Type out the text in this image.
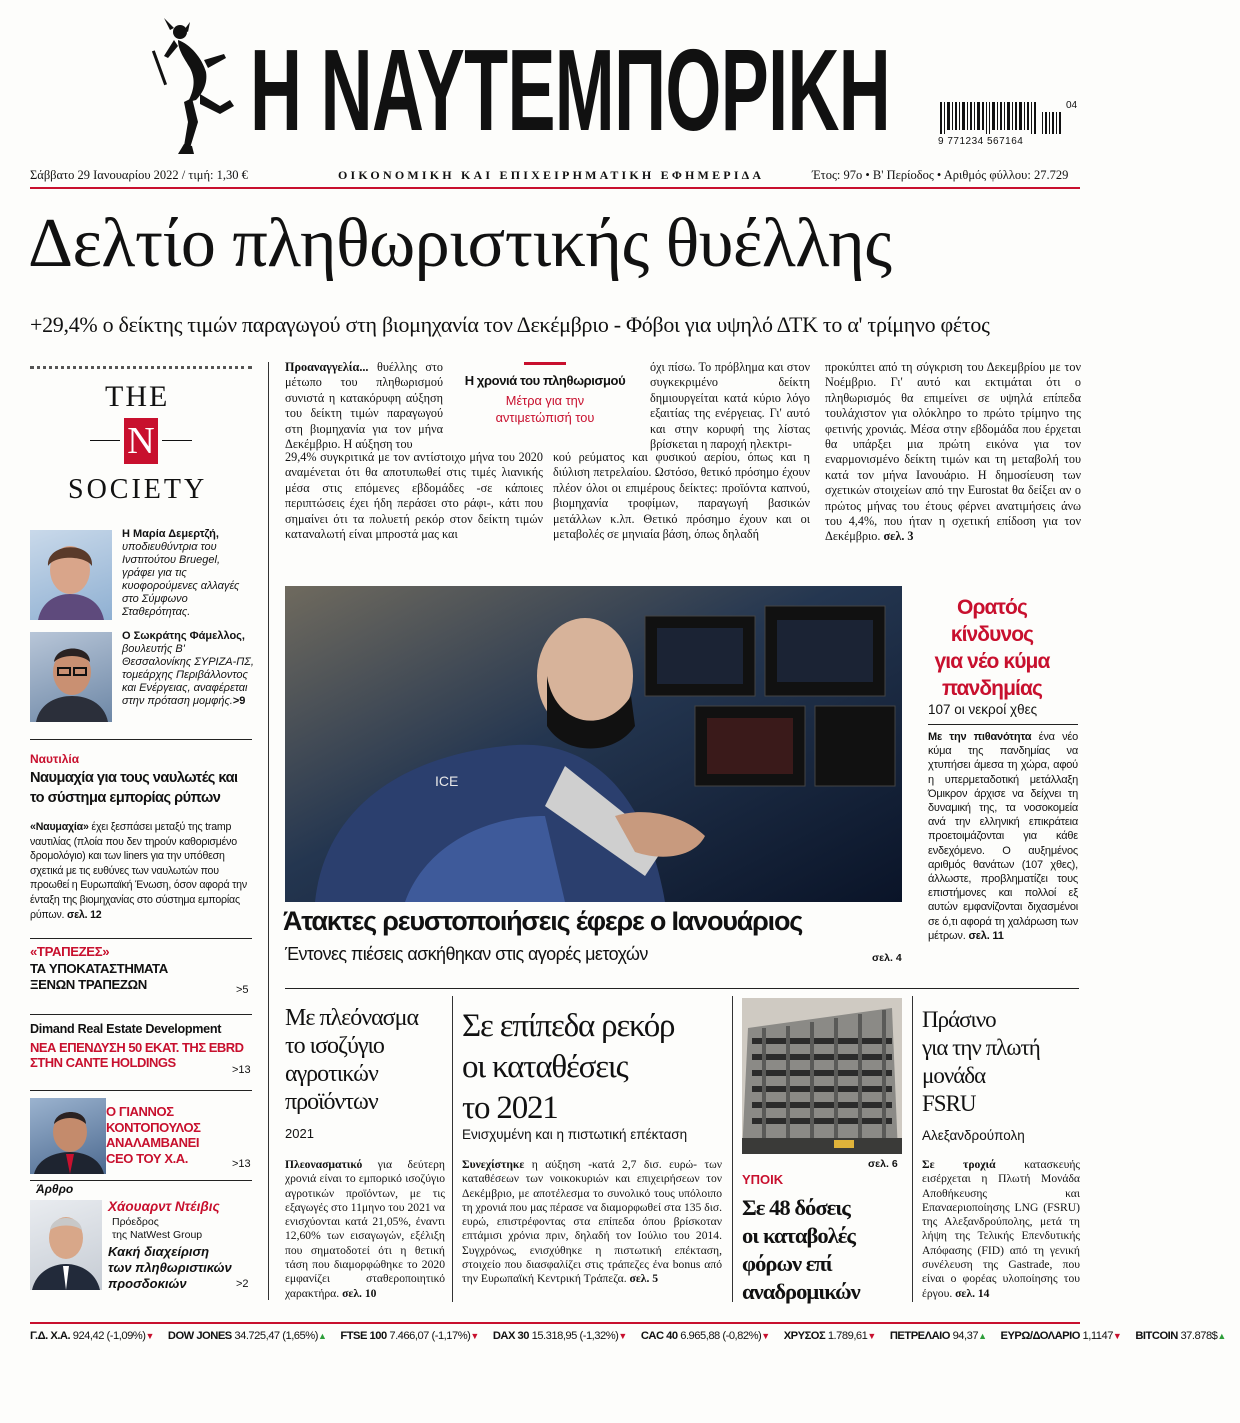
Η ΝΑΥΤΕΜΠΟΡΙΚΗ	9 771234 567164
04
Σάββατο 29 Ιανουαρίου 2022 / τιμή: 1,30 €	ΟΙΚΟΝΟΜΙΚΗ ΚΑΙ ΕΠΙΧΕΙΡΗΜΑΤΙΚΗ ΕΦΗΜΕΡΙΔΑ	Έτος: 97ο • Β' Περίοδος • Αριθμός φύλλου: 27.729
Δελτίο πληθωριστικής θυέλλης
+29,4% ο δείκτης τιμών παραγωγού στη βιομηχανία τον Δεκέμβριο - Φόβοι για υψηλό ΔΤΚ το α' τρίμηνο φέτος
THE
N
SOCIETY
Η Μαρία Δεμερτζή,
υποδιευθύντρια του Ινστιτούτου Bruegel, γράφει για τις κυοφορούμενες αλλαγές στο Σύμφωνο Σταθερότητας.
Ο Σωκράτης Φάμελλος,
βουλευτής Β' Θεσσαλονίκης ΣΥΡΙΖΑ-ΠΣ, τομεάρχης Περιβάλλοντος και Ενέργειας, αναφέρεται στην πρόταση μομφής.>9
Ναυτιλία
Ναυμαχία για τους ναυλωτές και το σύστημα εμπορίας ρύπων

«Ναυμαχία» έχει ξεσπάσει μεταξύ της tramp ναυτιλίας (πλοία που δεν τηρούν καθορισμένο δρομολόγιο) και των liners για την υπόθεση σχετικά με τις ευθύνες των ναυλωτών που προωθεί η Ευρωπαϊκή Ένωση, όσον αφορά την ένταξη της βιομηχανίας στο σύστημα εμπορίας ρύπων. σελ. 12

«ΤΡΑΠΕΖΕΣ»
ΤΑ ΥΠΟΚΑΤΑΣΤΗΜΑΤΑ
ΞΕΝΩΝ ΤΡΑΠΕΖΩΝ	>5
Dimand Real Estate Development
ΝΕΑ ΕΠΕΝΔΥΣΗ 50 ΕΚΑΤ. ΤΗΣ EBRD
ΣΤΗΝ CANTE HOLDINGS	>13
Ο ΓΙΑΝΝΟΣ
ΚΟΝΤΟΠΟΥΛΟΣ
ΑΝΑΛΑΜΒΑΝΕΙ
CEO ΤΟΥ Χ.Α.	>13
Άρθρο
Χάουαρντ Ντέιβις
Πρόεδρος
της NatWest Group
Κακή διαχείριση
των πληθωριστικών
προσδοκιών	>2

Προαναγγελία... θυέλλης στο μέτωπο του πληθωρισμού συνιστά η κατακόρυφη αύξηση του δείκτη τιμών παραγωγού στη βιομηχανία για τον μήνα Δεκέμβριο. Η αύξηση του

29,4% συγκριτικά με τον αντίστοιχο μήνα του 2020 αναμένεται ότι θα αποτυπωθεί στις τιμές λιανικής μέσα στις επόμενες εβδομάδες -σε κάποιες περιπτώσεις έχει ήδη περάσει στο ράφι-, κάτι που σημαίνει ότι τα πολυετή ρεκόρ στον δείκτη τιμών καταναλωτή είναι μπροστά μας και

Η χρονιά του πληθωρισμού
Μέτρα για την αντιμετώπισή του

όχι πίσω. Το πρόβλημα και στον συγκεκριμένο δείκτη δημιουργείται κατά κύριο λόγο εξαιτίας της ενέργειας. Γι' αυτό και στην κορυφή της λίστας βρίσκεται η παροχή ηλεκτρι-

κού ρεύματος και φυσικού αερίου, όπως και η διύλιση πετρελαίου. Ωστόσο, θετικό πρόσημο έχουν πλέον όλοι οι επιμέρους δείκτες: προϊόντα καπνού, βιομηχανία τροφίμων, παραγωγή βασικών μετάλλων κ.λπ. Θετικό πρόσημο έχουν και οι μεταβολές σε μηνιαία βάση, όπως δηλαδή

προκύπτει από τη σύγκριση του Δεκεμβρίου με τον Νοέμβριο. Γι' αυτό και εκτιμάται ότι ο πληθωρισμός θα επιμείνει σε υψηλά επίπεδα τουλάχιστον για ολόκληρο το πρώτο τρίμηνο της φετινής χρονιάς. Μέσα στην εβδομάδα που έρχεται θα υπάρξει μια πρώτη εικόνα για τον εναρμονισμένο δείκτη τιμών και τη μεταβολή του κατά τον μήνα Ιανουάριο. Η δημοσίευση των σχετικών στοιχείων από την Eurostat θα δείξει αν ο πρώτος μήνας του έτους φέρνει ανατιμήσεις άνω του 4,4%, που ήταν η σχετική επίδοση για τον Δεκέμβριο. σελ. 3

ICE
Άτακτες ρευστοποιήσεις έφερε ο Ιανουάριος
Έντονες πιέσεις ασκήθηκαν στις αγορές μετοχών	σελ. 4
Ορατός
κίνδυνος
για νέο κύμα
πανδημίας
107 οι νεκροί χθες

Με την πιθανότητα ένα νέο κύμα της πανδημίας να χτυπήσει άμεσα τη χώρα, αφού η υπερμεταδοτική μετάλλαξη Όμικρον άρχισε να δείχνει τη δυναμική της, τα νοσοκομεία ανά την ελληνική επικράτεια προετοιμάζονται για κάθε ενδεχόμενο. Ο αυξημένος αριθμός θανάτων (107 χθες), άλλωστε, προβληματίζει τους επιστήμονες και πολλοί εξ αυτών εμφανίζονται διχασμένοι σε ό,τι αφορά τη χαλάρωση των μέτρων. σελ. 11

Με πλεόνασμα
το ισοζύγιο
αγροτικών
προϊόντων
2021

Πλεονασματικό για δεύτερη χρονιά είναι το εμπορικό ισοζύγιο αγροτικών προϊόντων, με τις εξαγωγές στο 11μηνο του 2021 να ενισχύονται κατά 21,05%, έναντι 12,60% των εισαγωγών, εξέλιξη που σηματοδοτεί ότι η θετική τάση που διαμορφώθηκε το 2020 εμφανίζει σταθεροποιητικό χαρακτήρα. σελ. 10

Σε επίπεδα ρεκόρ
οι καταθέσεις
το 2021
Ενισχυμένη και η πιστωτική επέκταση

Συνεχίστηκε η αύξηση -κατά 2,7 δισ. ευρώ- των καταθέσεων των νοικοκυριών και επιχειρήσεων τον Δεκέμβριο, με αποτέλεσμα το συνολικό τους υπόλοιπο τη χρονιά που μας πέρασε να διαμορφωθεί στα 135 δισ. ευρώ, επιστρέφοντας στα επίπεδα όπου βρίσκοταν επτάμισι χρόνια πριν, δηλαδή τον Ιούλιο του 2014. Συγχρόνως, ενισχύθηκε η πιστωτική επέκταση, στοιχείο που διασφαλίζει στις τράπεζες ένα bonus από την Ευρωπαϊκή Κεντρική Τράπεζα. σελ. 5

σελ. 6
ΥΠΟΙΚ
Σε 48 δόσεις
οι καταβολές
φόρων επί
αναδρομικών
Πράσινο
για την πλωτή
μονάδα
FSRU
Αλεξανδρούπολη

Σε τροχιά κατασκευής εισέρχεται η Πλωτή Μονάδα Αποθήκευσης και Επαναεριοποίησης LNG (FSRU) της Αλεξανδρούπολης, μετά τη λήψη της Τελικής Επενδυτικής Απόφασης (FID) από τη γενική συνέλευση της Gastrade, που είναι ο φορέας υλοποίησης του έργου. σελ. 14

Γ.Δ. Χ.Α. 924,42 (-1,09%)▼ DOW JONES 34.725,47 (1,65%)▲ FTSE 100 7.466,07 (-1,17%)▼ DAX 30 15.318,95 (-1,32%)▼ CAC 40 6.965,88 (-0,82%)▼ ΧΡΥΣΟΣ 1.789,61▼ ΠΕΤΡΕΛΑΙΟ 94,37▲ ΕΥΡΩ/ΔΟΛΑΡΙΟ 1,1147▼ BITCOIN 37.878$▲
